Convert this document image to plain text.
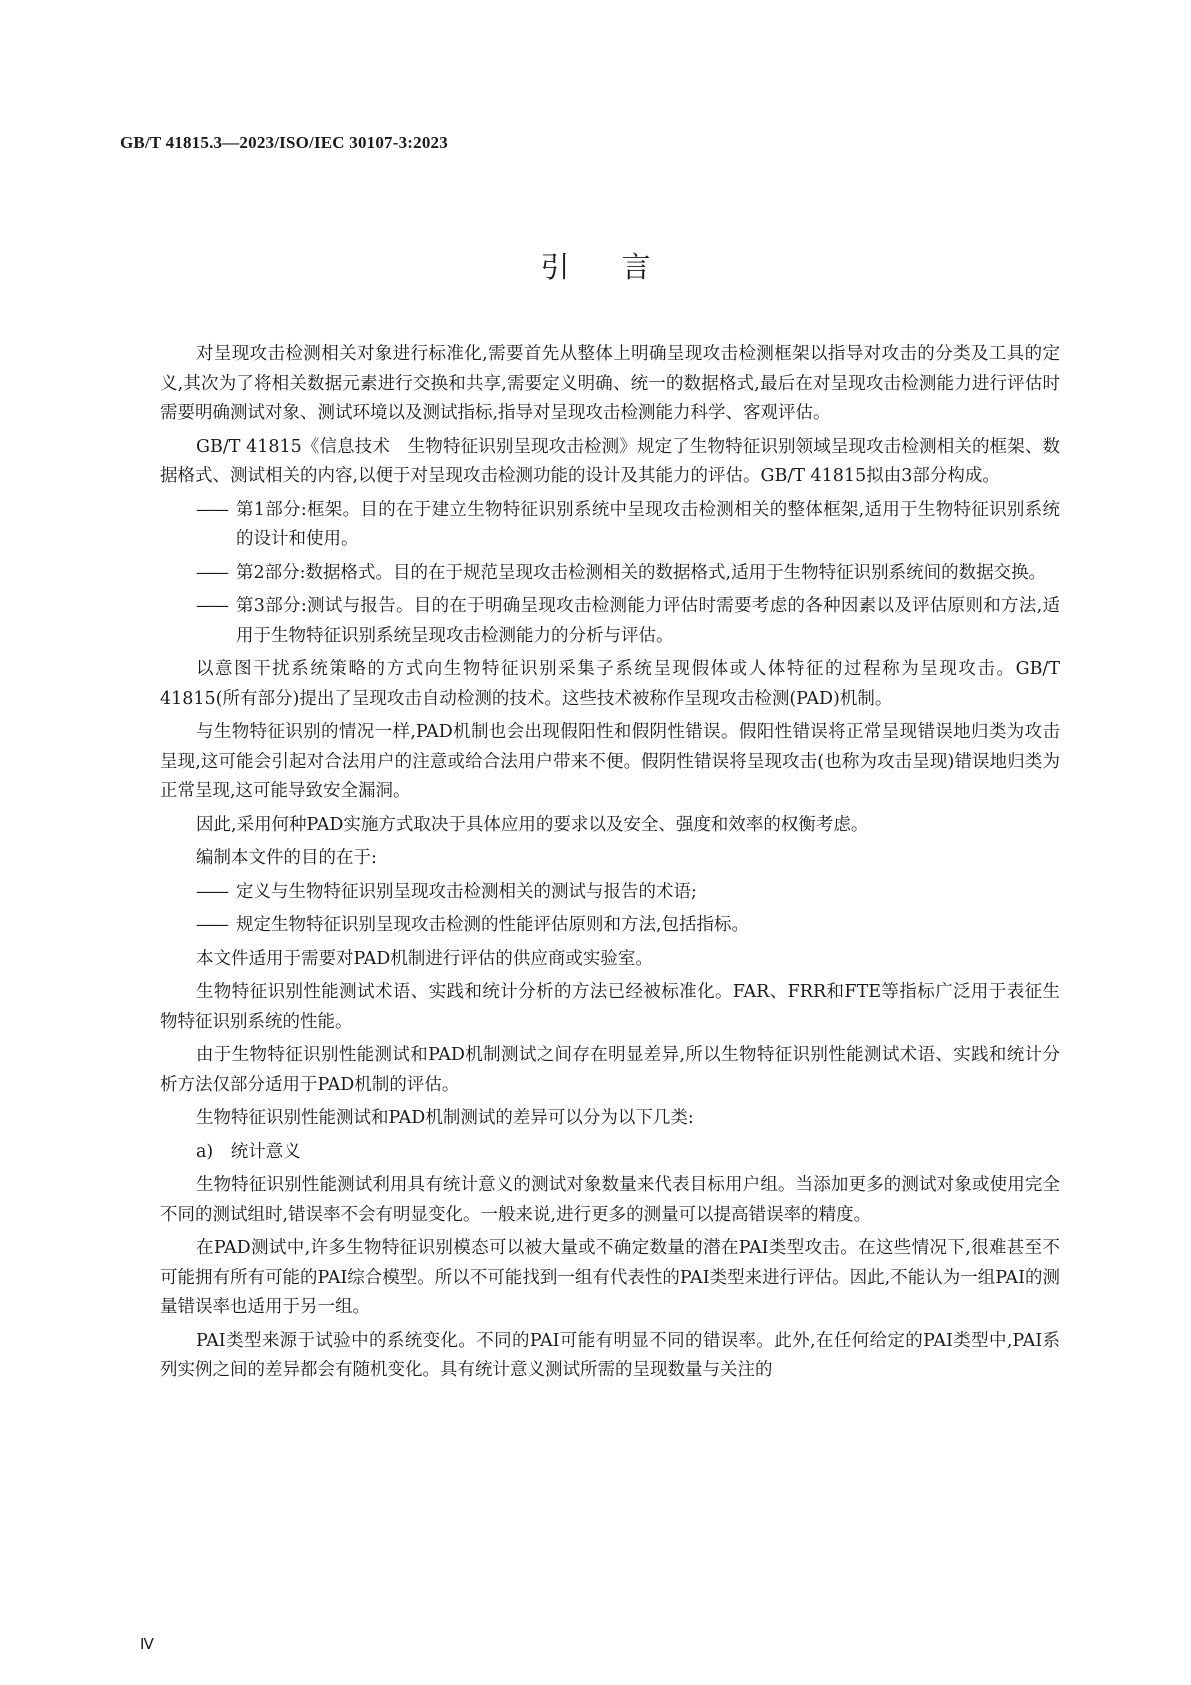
GB/T 41815.3—2023/ISO/IEC 30107-3:2023
引言
对呈现攻击检测相关对象进行标准化,需要首先从整体上明确呈现攻击检测框架以指导对攻击的分类及工具的定义,其次为了将相关数据元素进行交换和共享,需要定义明确、统一的数据格式,最后在对呈现攻击检测能力进行评估时需要明确测试对象、测试环境以及测试指标,指导对呈现攻击检测能力科学、客观评估。
GB/T 41815《信息技术　生物特征识别呈现攻击检测》规定了生物特征识别领域呈现攻击检测相关的框架、数据格式、测试相关的内容,以便于对呈现攻击检测功能的设计及其能力的评估。GB/T 41815拟由3部分构成。
—— 第1部分:框架。目的在于建立生物特征识别系统中呈现攻击检测相关的整体框架,适用于生物特征识别系统的设计和使用。
—— 第2部分:数据格式。目的在于规范呈现攻击检测相关的数据格式,适用于生物特征识别系统间的数据交换。
—— 第3部分:测试与报告。目的在于明确呈现攻击检测能力评估时需要考虑的各种因素以及评估原则和方法,适用于生物特征识别系统呈现攻击检测能力的分析与评估。
以意图干扰系统策略的方式向生物特征识别采集子系统呈现假体或人体特征的过程称为呈现攻击。GB/T 41815(所有部分)提出了呈现攻击自动检测的技术。这些技术被称作呈现攻击检测(PAD)机制。
与生物特征识别的情况一样,PAD机制也会出现假阳性和假阴性错误。假阳性错误将正常呈现错误地归类为攻击呈现,这可能会引起对合法用户的注意或给合法用户带来不便。假阴性错误将呈现攻击(也称为攻击呈现)错误地归类为正常呈现,这可能导致安全漏洞。
因此,采用何种PAD实施方式取决于具体应用的要求以及安全、强度和效率的权衡考虑。
编制本文件的目的在于:
—— 定义与生物特征识别呈现攻击检测相关的测试与报告的术语;
—— 规定生物特征识别呈现攻击检测的性能评估原则和方法,包括指标。
本文件适用于需要对PAD机制进行评估的供应商或实验室。
生物特征识别性能测试术语、实践和统计分析的方法已经被标准化。FAR、FRR和FTE等指标广泛用于表征生物特征识别系统的性能。
由于生物特征识别性能测试和PAD机制测试之间存在明显差异,所以生物特征识别性能测试术语、实践和统计分析方法仅部分适用于PAD机制的评估。
生物特征识别性能测试和PAD机制测试的差异可以分为以下几类:
a)　统计意义
生物特征识别性能测试利用具有统计意义的测试对象数量来代表目标用户组。当添加更多的测试对象或使用完全不同的测试组时,错误率不会有明显变化。一般来说,进行更多的测量可以提高错误率的精度。
在PAD测试中,许多生物特征识别模态可以被大量或不确定数量的潜在PAI类型攻击。在这些情况下,很难甚至不可能拥有所有可能的PAI综合模型。所以不可能找到一组有代表性的PAI类型来进行评估。因此,不能认为一组PAI的测量错误率也适用于另一组。
PAI类型来源于试验中的系统变化。不同的PAI可能有明显不同的错误率。此外,在任何给定的PAI类型中,PAI系列实例之间的差异都会有随机变化。具有统计意义测试所需的呈现数量与关注的
Ⅳ
